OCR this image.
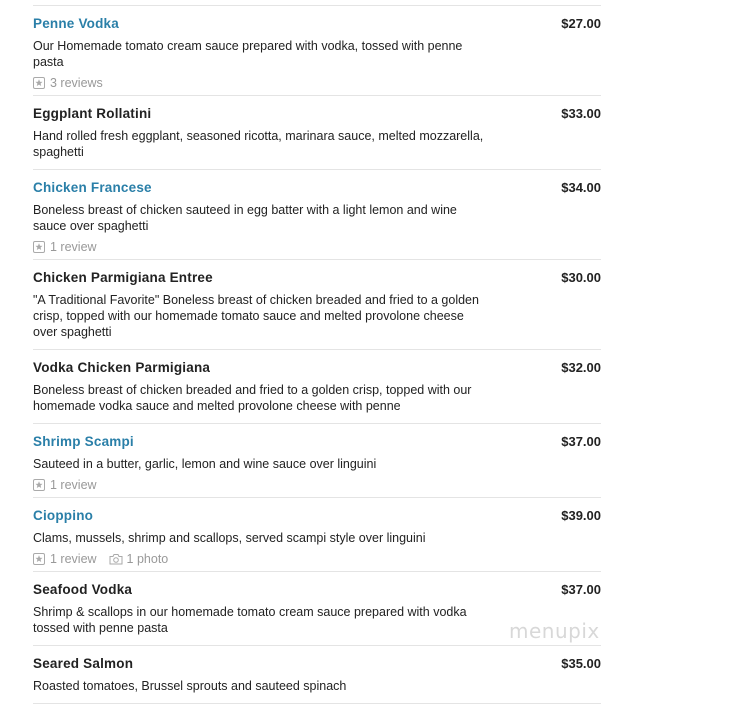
Penne Vodka	$27.00
Our Homemade tomato cream sauce prepared with vodka, tossed with penne pasta
3 reviews
Eggplant Rollatini	$33.00
Hand rolled fresh eggplant, seasoned ricotta, marinara sauce, melted mozzarella, spaghetti
Chicken Francese	$34.00
Boneless breast of chicken sauteed in egg batter with a light lemon and wine sauce over spaghetti
1 review
Chicken Parmigiana Entree	$30.00
"A Traditional Favorite" Boneless breast of chicken breaded and fried to a golden crisp, topped with our homemade tomato sauce and melted provolone cheese over spaghetti
Vodka Chicken Parmigiana	$32.00
Boneless breast of chicken breaded and fried to a golden crisp, topped with our homemade vodka sauce and melted provolone cheese with penne
Shrimp Scampi	$37.00
Sauteed in a butter, garlic, lemon and wine sauce over linguini
1 review
Cioppino	$39.00
Clams, mussels, shrimp and scallops, served scampi style over linguini
1 review 1 photo
Seafood Vodka	$37.00
Shrimp & scallops in our homemade tomato cream sauce prepared with vodka tossed with penne pasta
Seared Salmon	$35.00
Roasted tomatoes, Brussel sprouts and sauteed spinach
menupix
